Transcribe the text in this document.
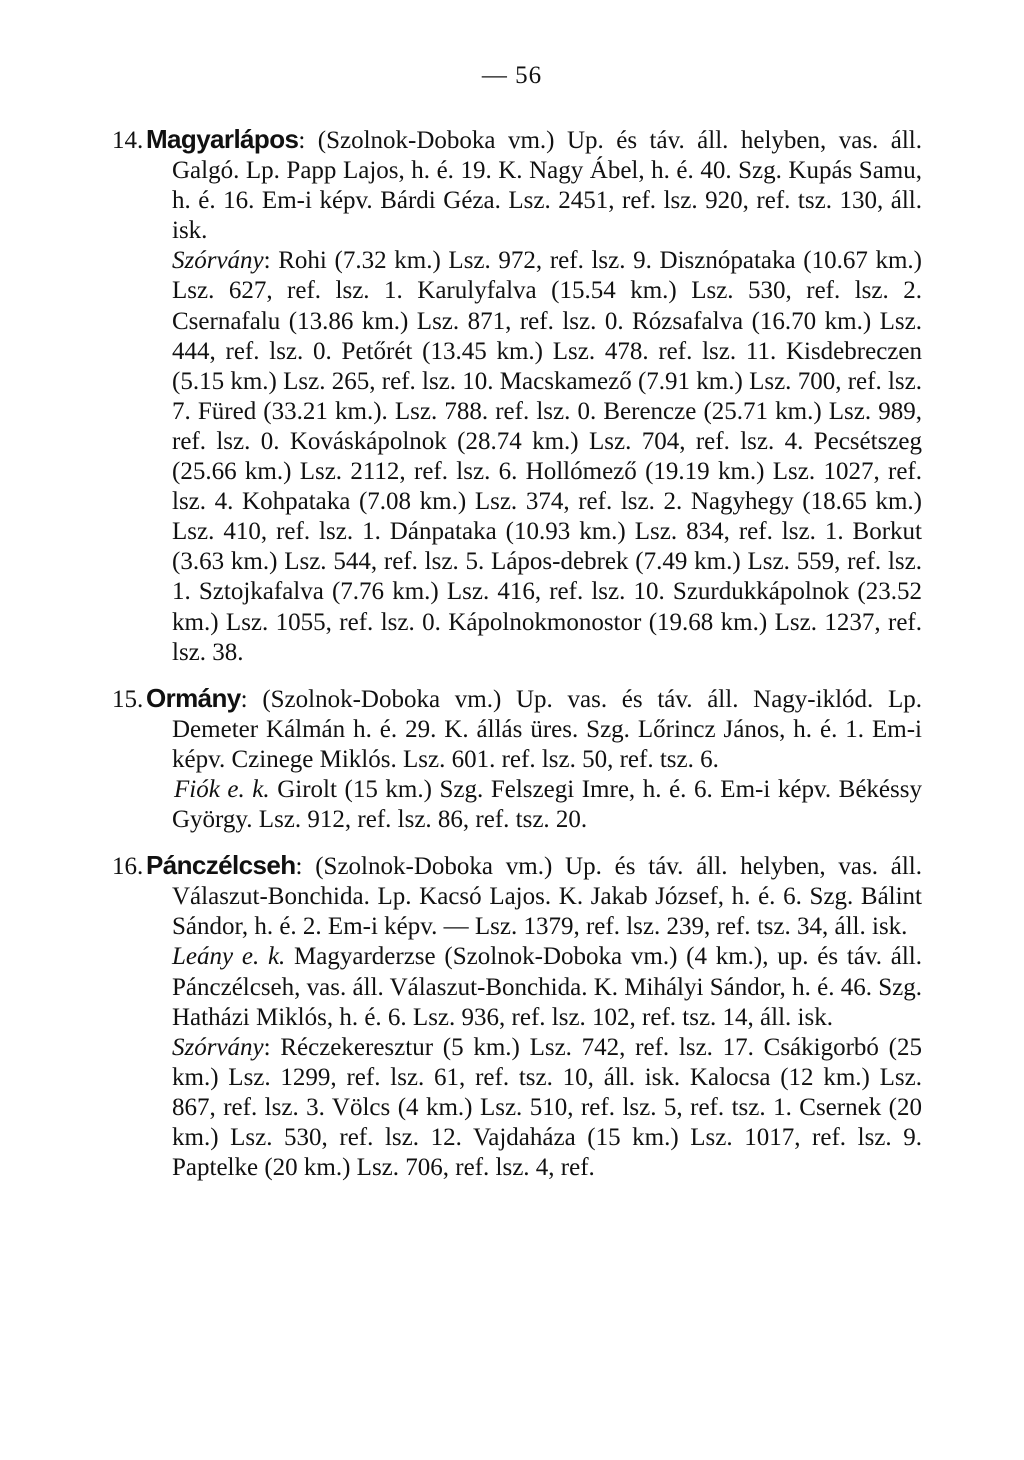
— 56

14. Magyarlápos: (Szolnok-Doboka vm.) Up. és táv. áll. helyben, vas. áll. Galgó. Lp. Papp Lajos, h. é. 19. K. Nagy Ábel, h. é. 40. Szg. Kupás Samu, h. é. 16. Em-i képv. Bárdi Géza. Lsz. 2451, ref. lsz. 920, ref. tsz. 130, áll. isk.

Szórvány: Rohi (7.32 km.) Lsz. 972, ref. lsz. 9. Disznópataka (10.67 km.) Lsz. 627, ref. lsz. 1. Karulyfalva (15.54 km.) Lsz. 530, ref. lsz. 2. Csernafalu (13.86 km.) Lsz. 871, ref. lsz. 0. Rózsafalva (16.70 km.) Lsz. 444, ref. lsz. 0. Petőrét (13.45 km.) Lsz. 478. ref. lsz. 11. Kisdebreczen (5.15 km.) Lsz. 265, ref. lsz. 10. Macskamező (7.91 km.) Lsz. 700, ref. lsz. 7. Füred (33.21 km.). Lsz. 788. ref. lsz. 0. Berencze (25.71 km.) Lsz. 989, ref. lsz. 0. Kováskápolnok (28.74 km.) Lsz. 704, ref. lsz. 4. Pecsétszeg (25.66 km.) Lsz. 2112, ref. lsz. 6. Hollómező (19.19 km.) Lsz. 1027, ref. lsz. 4. Kohpataka (7.08 km.) Lsz. 374, ref. lsz. 2. Nagyhegy (18.65 km.) Lsz. 410, ref. lsz. 1. Dánpataka (10.93 km.) Lsz. 834, ref. lsz. 1. Borkut (3.63 km.) Lsz. 544, ref. lsz. 5. Lápos-debrek (7.49 km.) Lsz. 559, ref. lsz. 1. Sztojkafalva (7.76 km.) Lsz. 416, ref. lsz. 10. Szurdukkápolnok (23.52 km.) Lsz. 1055, ref. lsz. 0. Kápolnokmonostor (19.68 km.) Lsz. 1237, ref. lsz. 38.

15. Ormány: (Szolnok-Doboka vm.) Up. vas. és táv. áll. Nagy-iklód. Lp. Demeter Kálmán h. é. 29. K. állás üres. Szg. Lőrincz János, h. é. 1. Em-i képv. Czinege Miklós. Lsz. 601. ref. lsz. 50, ref. tsz. 6.

Fiók e. k. Girolt (15 km.) Szg. Felszegi Imre, h. é. 6. Em-i képv. Békéssy György. Lsz. 912, ref. lsz. 86, ref. tsz. 20.

16. Pánczélcseh: (Szolnok-Doboka vm.) Up. és táv. áll. helyben, vas. áll. Válaszut-Bonchida. Lp. Kacsó Lajos. K. Jakab József, h. é. 6. Szg. Bálint Sándor, h. é. 2. Em-i képv. — Lsz. 1379, ref. lsz. 239, ref. tsz. 34, áll. isk.

Leány e. k. Magyarderzse (Szolnok-Doboka vm.) (4 km.), up. és táv. áll. Pánczélcseh, vas. áll. Válaszut-Bonchida. K. Mihályi Sándor, h. é. 46. Szg. Hatházi Miklós, h. é. 6. Lsz. 936, ref. lsz. 102, ref. tsz. 14, áll. isk.

Szórvány: Réczekeresztur (5 km.) Lsz. 742, ref. lsz. 17. Csákigorbó (25 km.) Lsz. 1299, ref. lsz. 61, ref. tsz. 10, áll. isk. Kalocsa (12 km.) Lsz. 867, ref. lsz. 3. Völcs (4 km.) Lsz. 510, ref. lsz. 5, ref. tsz. 1. Csernek (20 km.) Lsz. 530, ref. lsz. 12. Vajdaháza (15 km.) Lsz. 1017, ref. lsz. 9. Paptelke (20 km.) Lsz. 706, ref. lsz. 4, ref.
